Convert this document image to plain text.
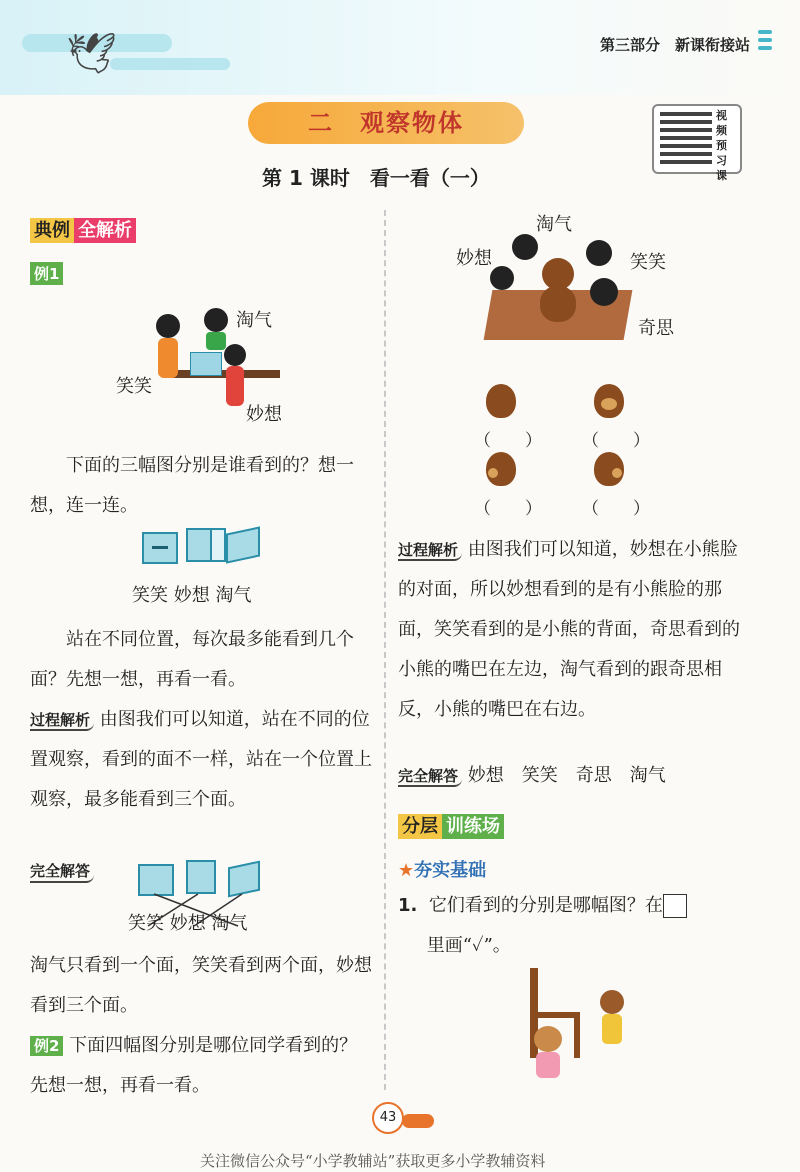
🕊	第三部分　新课衔接站
二　观察物体	视频预习课
第 1 课时　看一看（一）
典例 全解析
例1
淘气
笑笑
妙想

下面的三幅图分别是谁看到的？想一想，连一连。

笑笑 妙想 淘气

站在不同位置，每次最多能看到几个面？先想一想，再看一看。

过程解析 由图我们可以知道，站在不同的位置观察，看到的面不一样，站在一个位置上观察，最多能看到三个面。

完全解答

笑笑 妙想 淘气

淘气只看到一个面，笑笑看到两个面，妙想看到三个面。

例2 下面四幅图分别是哪位同学看到的？先想一想，再看一看。

淘气
妙想	笑笑
奇思
（　　） （　　）
（　　） （　　）

过程解析 由图我们可以知道，妙想在小熊脸的对面，所以妙想看到的是有小熊脸的那面，笑笑看到的是小熊的背面，奇思看到的小熊的嘴巴在左边，淘气看到的跟奇思相反，小熊的嘴巴在右边。

完全解答 妙想　笑笑　奇思　淘气

分层 训练场
★夯实基础

1. 它们看到的分别是哪幅图？在

里画“✓”。

43
关注微信公众号“小学教辅站”获取更多小学教辅资料
